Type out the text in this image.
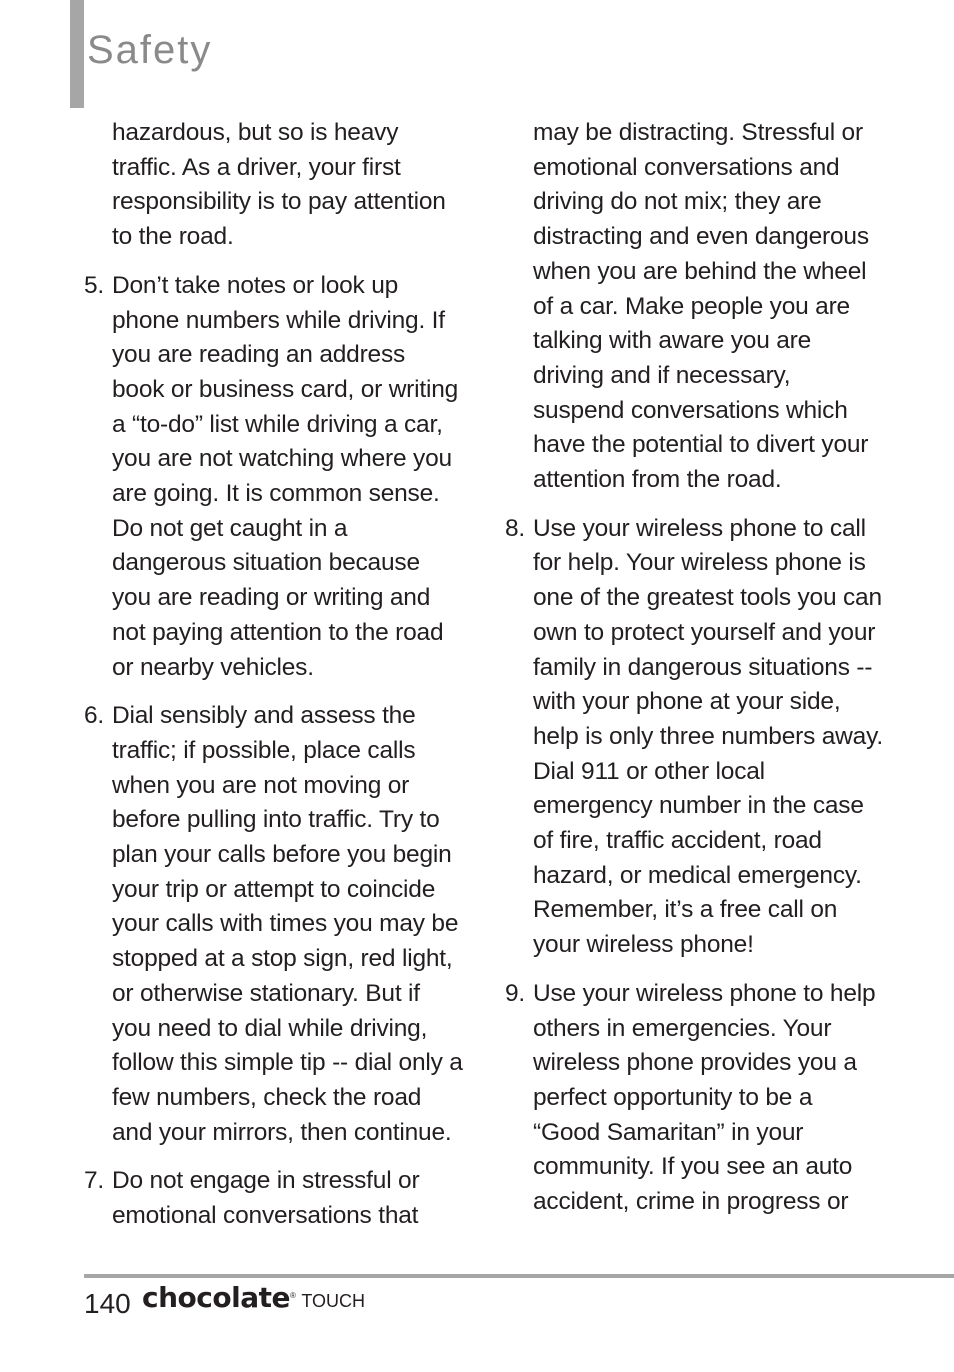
Safety
hazardous, but so is heavy traffic. As a driver, your first responsibility is to pay attention to the road.
5. Don’t take notes or look up phone numbers while driving. If you are reading an address book or business card, or writing a “to-do” list while driving a car, you are not watching where you are going. It is common sense. Do not get caught in a dangerous situation because you are reading or writing and not paying attention to the road or nearby vehicles.
6. Dial sensibly and assess the traffic; if possible, place calls when you are not moving or before pulling into traffic. Try to plan your calls before you begin your trip or attempt to coincide your calls with times you may be stopped at a stop sign, red light, or otherwise stationary. But if you need to dial while driving, follow this simple tip -- dial only a few numbers, check the road and your mirrors, then continue.
7. Do not engage in stressful or emotional conversations that
may be distracting. Stressful or emotional conversations and driving do not mix; they are distracting and even dangerous when you are behind the wheel of a car. Make people you are talking with aware you are driving and if necessary, suspend conversations which have the potential to divert your attention from the road.
8. Use your wireless phone to call for help. Your wireless phone is one of the greatest tools you can own to protect yourself and your family in dangerous situations -- with your phone at your side, help is only three numbers away. Dial 911 or other local emergency number in the case of fire, traffic accident, road hazard, or medical emergency. Remember, it’s a free call on your wireless phone!
9. Use your wireless phone to help others in emergencies. Your wireless phone provides you a perfect opportunity to be a “Good Samaritan” in your community. If you see an auto accident, crime in progress or
140 chocolate® TOUCH
